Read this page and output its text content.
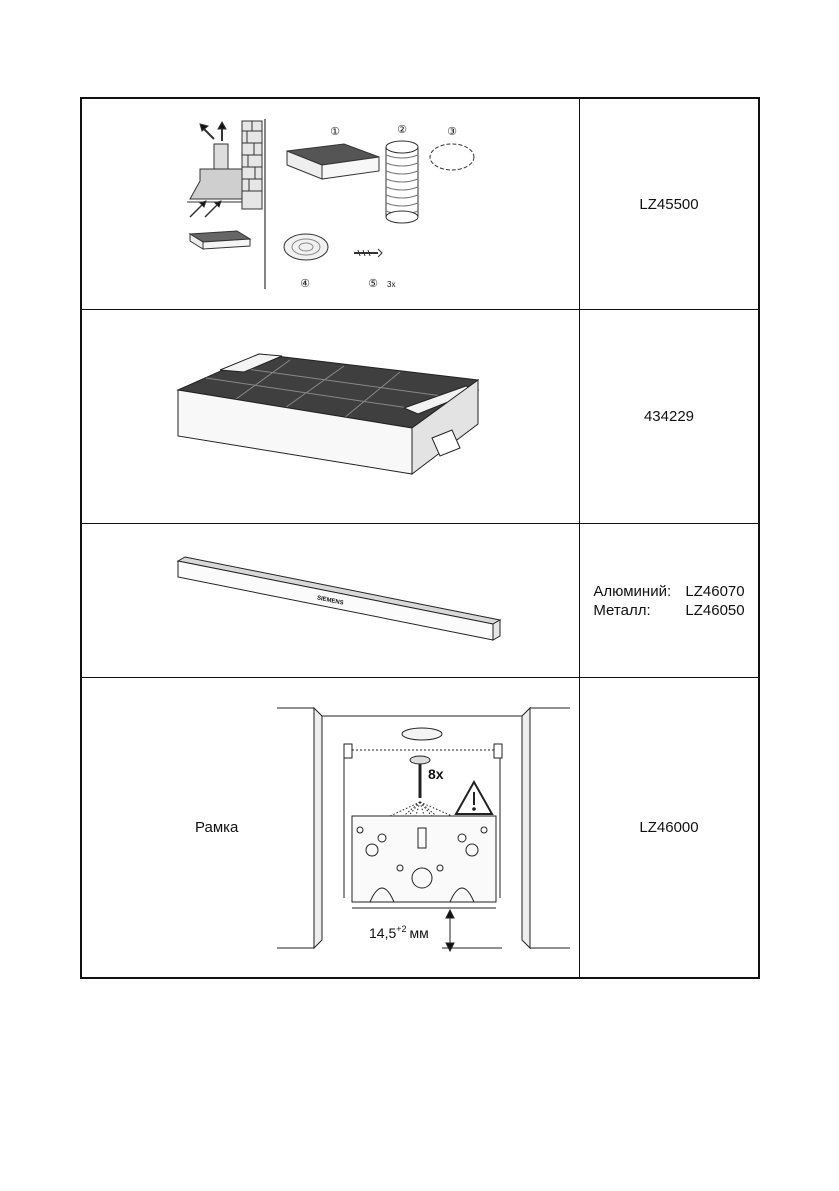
①	②	③
④	⑤ 3x
LZ45500
434229
SIEMENS
Алюминий: LZ46070
Металл:	LZ46050
Рамка
8x
$14,5^{+2}$ мм
LZ46000
